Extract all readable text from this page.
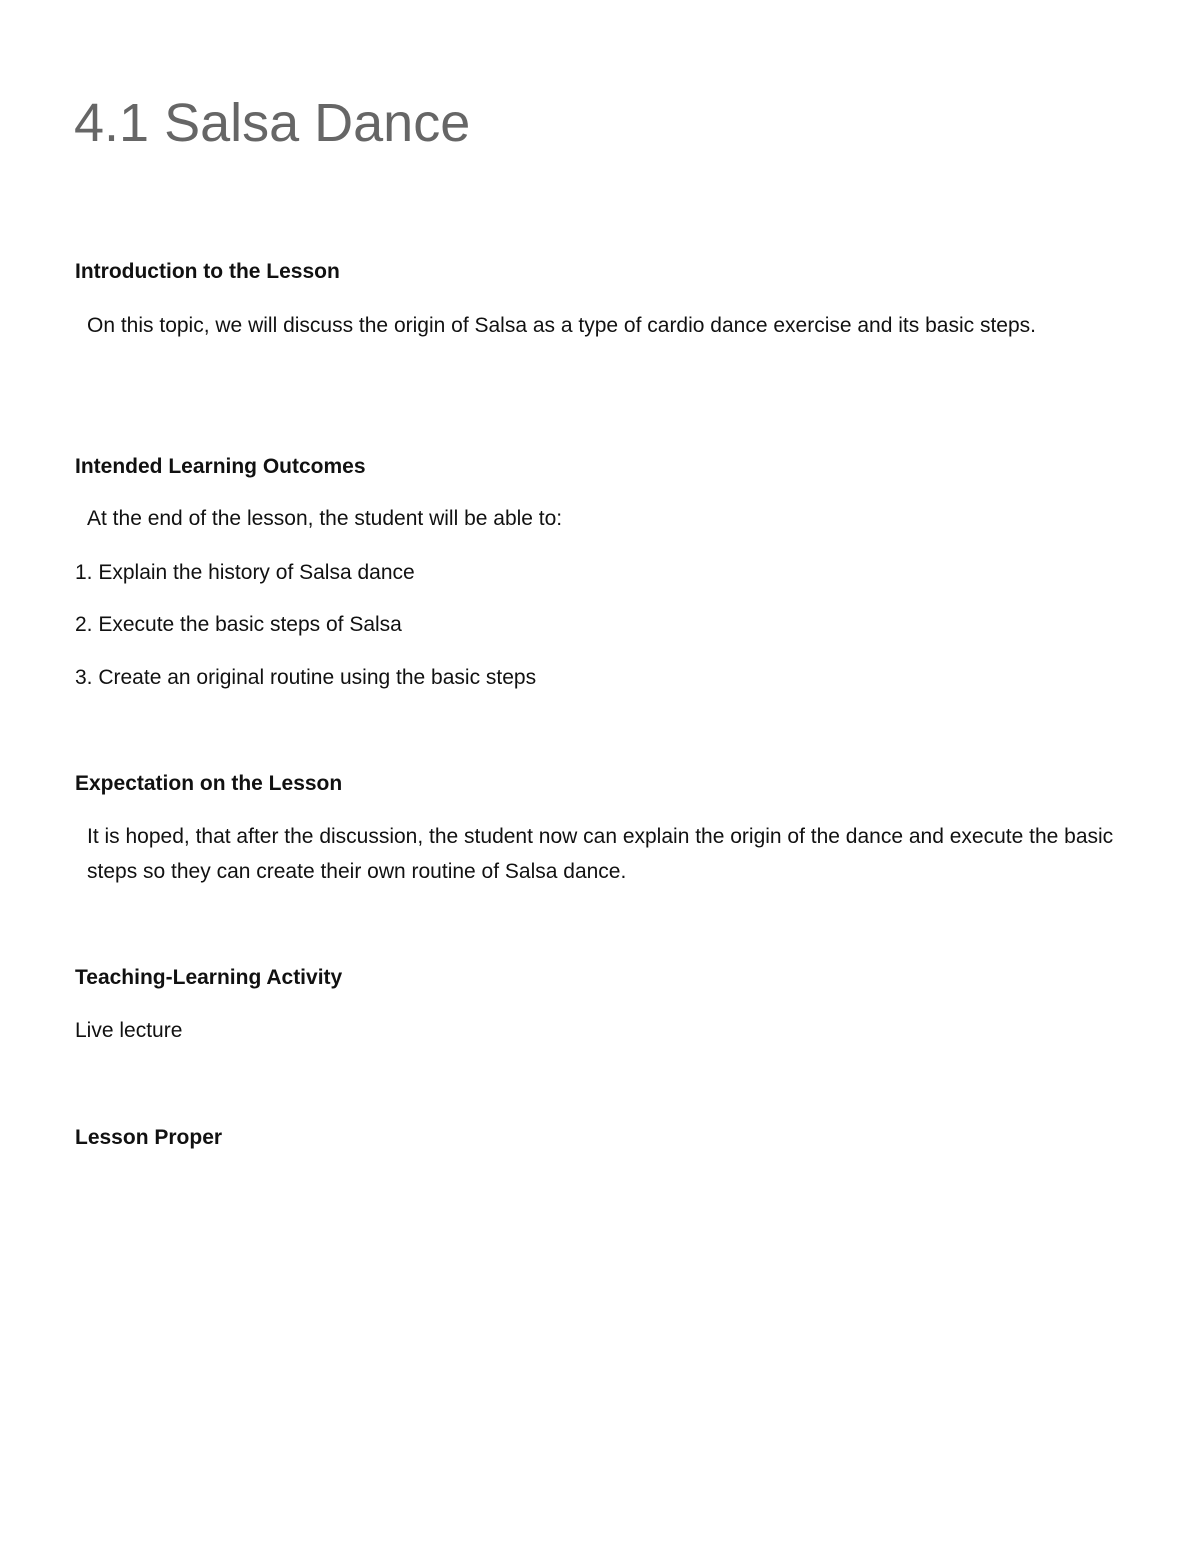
4.1 Salsa Dance
Introduction to the Lesson

On this topic, we will discuss the origin of Salsa as a type of cardio dance exercise and its basic steps.

Intended Learning Outcomes

At the end of the lesson, the student will be able to:

1. Explain the history of Salsa dance

2. Execute the basic steps of Salsa

3. Create an original routine using the basic steps

Expectation on the Lesson

It is hoped, that after the discussion, the student now can explain the origin of the dance and execute the basic steps so they can create their own routine of Salsa dance.

Teaching-Learning Activity

Live lecture

Lesson Proper
